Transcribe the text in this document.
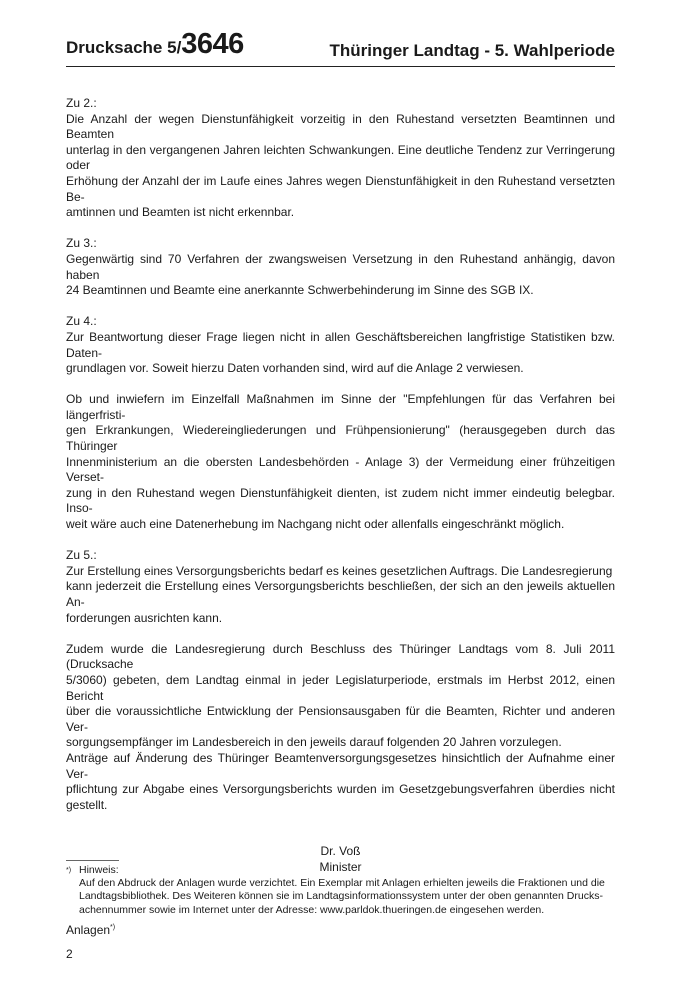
Drucksache 5/3646	Thüringer Landtag - 5. Wahlperiode
Zu 2.:
Die Anzahl der wegen Dienstunfähigkeit vorzeitig in den Ruhestand versetzten Beamtinnen und Beamten
unterlag in den vergangenen Jahren leichten Schwankungen. Eine deutliche Tendenz zur Verringerung oder
Erhöhung der Anzahl der im Laufe eines Jahres wegen Dienstunfähigkeit in den Ruhestand versetzten Be-
amtinnen und Beamten ist nicht erkennbar.
Zu 3.:
Gegenwärtig sind 70 Verfahren der zwangsweisen Versetzung in den Ruhestand anhängig, davon haben
24 Beamtinnen und Beamte eine anerkannte Schwerbehinderung im Sinne des SGB IX.
Zu 4.:
Zur Beantwortung dieser Frage liegen nicht in allen Geschäftsbereichen langfristige Statistiken bzw. Daten-
grundlagen vor. Soweit hierzu Daten vorhanden sind, wird auf die Anlage 2 verwiesen.
Ob und inwiefern im Einzelfall Maßnahmen im Sinne der "Empfehlungen für das Verfahren bei längerfristi-
gen Erkrankungen, Wiedereingliederungen und Frühpensionierung" (herausgegeben durch das Thüringer
Innenministerium an die obersten Landesbehörden - Anlage 3) der Vermeidung einer frühzeitigen Verset-
zung in den Ruhestand wegen Dienstunfähigkeit dienten, ist zudem nicht immer eindeutig belegbar. Inso-
weit wäre auch eine Datenerhebung im Nachgang nicht oder allenfalls eingeschränkt möglich.
Zu 5.:
Zur Erstellung eines Versorgungsberichts bedarf es keines gesetzlichen Auftrags. Die Landesregierung
kann jederzeit die Erstellung eines Versorgungsberichts beschließen, der sich an den jeweils aktuellen An-
forderungen ausrichten kann.
Zudem wurde die Landesregierung durch Beschluss des Thüringer Landtags vom 8. Juli 2011 (Drucksache
5/3060) gebeten, dem Landtag einmal in jeder Legislaturperiode, erstmals im Herbst 2012, einen Bericht
über die voraussichtliche Entwicklung der Pensionsausgaben für die Beamten, Richter und anderen Ver-
sorgungsempfänger im Landesbereich in den jeweils darauf folgenden 20 Jahren vorzulegen.
Anträge auf Änderung des Thüringer Beamtenversorgungsgesetzes hinsichtlich der Aufnahme einer Ver-
pflichtung zur Abgabe eines Versorgungsberichts wurden im Gesetzgebungsverfahren überdies nicht gestellt.
Dr. Voß
Minister
Anlagen*)
*) Hinweis:
Auf den Abdruck der Anlagen wurde verzichtet. Ein Exemplar mit Anlagen erhielten jeweils die Fraktionen und die
Landtagsbibliothek. Des Weiteren können sie im Landtagsinformationssystem unter der oben genannten Drucks-
achennummer sowie im Internet unter der Adresse: www.parldok.thueringen.de eingesehen werden.
2
